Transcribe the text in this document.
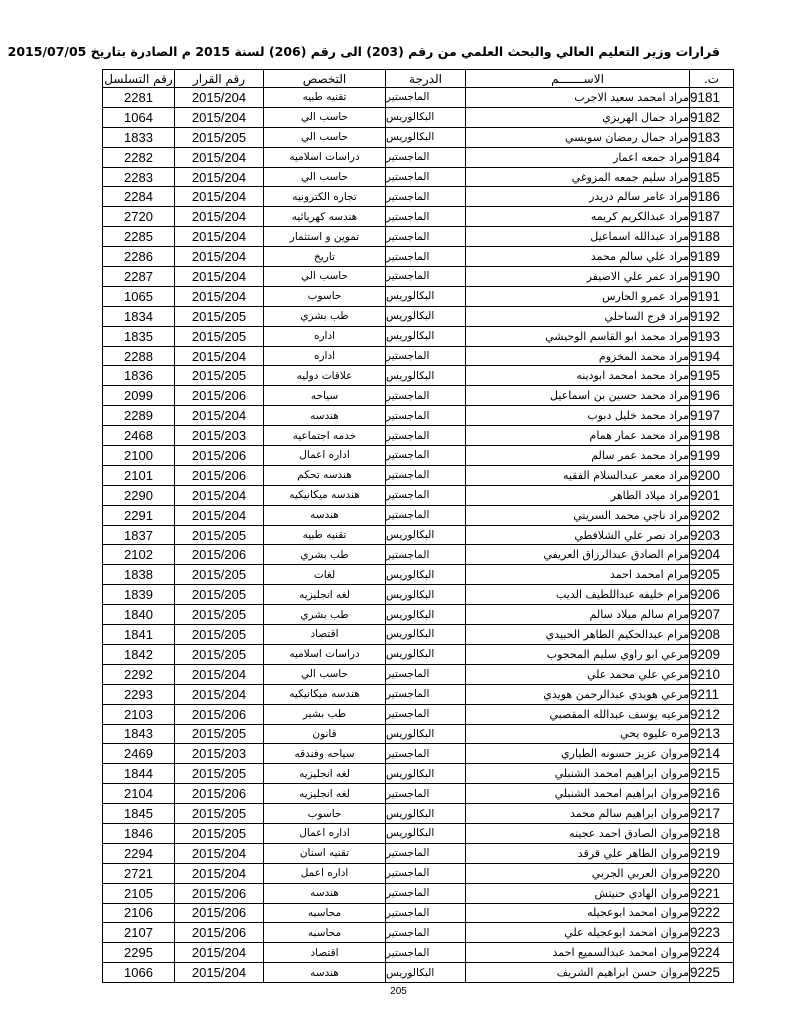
قرارات وزير التعليم العالي والبحث العلمي من رقم (203) الى رقم (206) لسنة 2015 م الصادرة بتاريخ 2015/07/05
رقم التسلسل	رقم القرار	التخصص	الدرجة	الاســـــــم	ت.
2281	2015/204	تقنيه طبيه	الماجستير	مراد امحمد سعيد الاجرب	9181
1064	2015/204	حاسب الي	البكالوريس	مراد جمال الهريزي	9182
1833	2015/205	حاسب الي	البكالوريس	مراد جمال رمضان سويسي	9183
2282	2015/204	دراسات اسلاميه	الماجستير	مراد جمعه اعمار	9184
2283	2015/204	حاسب الي	الماجستير	مراد سليم جمعه المزوغي	9185
2284	2015/204	تجاره الكترونيه	الماجستير	مراد عامر سالم دريدر	9186
2720	2015/204	هندسه كهربائيه	الماجستير	مراد عبدالكريم كريمه	9187
2285	2015/204	تموين و استثمار	الماجستير	مراد عبدالله اسماعيل	9188
2286	2015/204	تاريخ	الماجستير	مراد علي سالم محمد	9189
2287	2015/204	حاسب الي	الماجستير	مراد عمر علي الاصيفر	9190
1065	2015/204	حاسوب	البكالوريس	مراد عمرو الحارس	9191
1834	2015/205	طب بشري	البكالوريس	مراد فرج الساحلي	9192
1835	2015/205	اداره	البكالوريس	مراد محمد ابو القاسم الوحيشي	9193
2288	2015/204	اداره	الماجستير	مراد محمد المخزوم	9194
1836	2015/205	علاقات دوليه	البكالوريس	مراد محمد امحمد ابودينه	9195
2099	2015/206	سياحه	الماجستير	مراد محمد حسين بن اسماعيل	9196
2289	2015/204	هندسه	الماجستير	مراد محمد خليل دبوب	9197
2468	2015/203	خدمه اجتماعيه	الماجستير	مراد محمد عمار همام	9198
2100	2015/206	اداره اعمال	الماجستير	مراد محمد عمر سالم	9199
2101	2015/206	هندسه تحكم	الماجستير	مراد معمر عبدالسلام الفقيه	9200
2290	2015/204	هندسه ميكانيكيه	الماجستير	مراد ميلاد الطاهر	9201
2291	2015/204	هندسه	الماجستير	مراد ناجي محمد السريتي	9202
1837	2015/205	تقنيه طبيه	البكالوريس	مراد نصر علي الشلافطي	9203
2102	2015/206	طب بشري	الماجستير	مرام الصادق عبدالرزاق العريفي	9204
1838	2015/205	لغات	البكالوريس	مرام امحمد احمد	9205
1839	2015/205	لغه انجليزيه	البكالوريس	مرام خليفه عبداللطيف الديب	9206
1840	2015/205	طب بشري	البكالوريس	مرام سالم ميلاد سالم	9207
1841	2015/205	اقتصاد	البكالوريس	مرام عبدالحكيم الطاهر الحبيدي	9208
1842	2015/205	دراسات اسلاميه	البكالوريس	مرعي ابو راوي سليم المحجوب	9209
2292	2015/204	حاسب الي	الماجستير	مرعي علي محمد علي	9210
2293	2015/204	هندسه ميكانيكيه	الماجستير	مرعي هويدي عبدالرحمن هويدي	9211
2103	2015/206	طب بشير	الماجستير	مرعيه يوسف عبدالله المقصبي	9212
1843	2015/205	قانون	البكالوريس	مره عليوه يحي	9213
2469	2015/203	سياحه وفندقه	الماجستير	مروان عزيز حسونه الطياري	9214
1844	2015/205	لغه انجليزيه	البكالوريس	مروان ابراهيم امحمد الشنبلي	9215
2104	2015/206	لغه انجليزيه	الماجستير	مروان ابراهيم امحمد الشنبلي	9216
1845	2015/205	حاسوب	البكالوريس	مروان ابراهيم سالم محمد	9217
1846	2015/205	اداره اعمال	البكالوريس	مروان الصادق احمد عجينه	9218
2294	2015/204	تقنيه اسنان	الماجستير	مروان الطاهر علي قرقد	9219
2721	2015/204	اداره اعمل	الماجستير	مروان العربي الجربي	9220
2105	2015/206	هندسه	الماجستير	مروان الهادي حنيتش	9221
2106	2015/206	محاسبه	الماجستير	مروان امحمد ابوعجيله	9222
2107	2015/206	محاسبه	الماجستير	مروان امحمد ابوعجيله علي	9223
2295	2015/204	اقتصاد	الماجستير	مروان امحمد عبدالسميع احمد	9224
1066	2015/204	هندسه	البكالوريس	مروان حسن ابراهيم الشريف	9225
205
